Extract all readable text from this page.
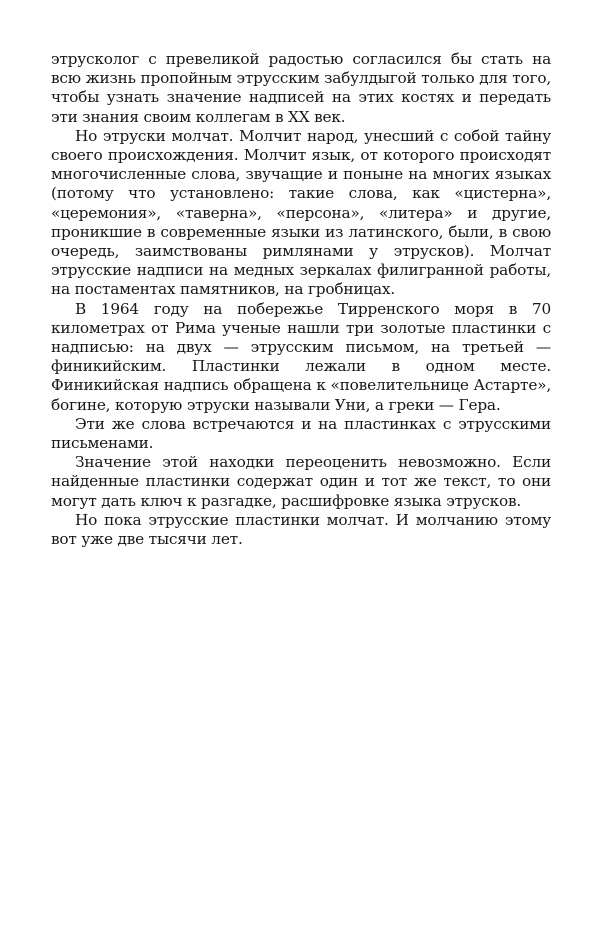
этрусколог с превеликой радостью согласился бы стать на всю жизнь пропойным этрусским забулдыгой только для того, чтобы узнать значение надписей на этих костях и передать эти знания своим коллегам в XX век.

Но этруски молчат. Молчит народ, унесший с собой тайну своего происхождения. Молчит язык, от которого происходят многочисленные слова, звучащие и поныне на многих языках (потому что установлено: такие слова, как «цистерна», «церемония», «таверна», «персона», «литера» и другие, проникшие в современные языки из латинского, были, в свою очередь, заимствованы римлянами у этрусков). Молчат этрусские надписи на медных зеркалах филигранной работы, на постаментах памятников, на гробницах.

В 1964 году на побережье Тирренского моря в 70 километрах от Рима ученые нашли три золотые пластинки с надписью: на двух — этрусским письмом, на третьей — финикийским. Пластинки лежали в одном месте. Финикийская надпись обращена к «повелительнице Астарте», богине, которую этруски называли Уни, а греки — Гера.

Эти же слова встречаются и на пластинках с этрусскими письменами.

Значение этой находки переоценить невозможно. Если найденные пластинки содержат один и тот же текст, то они могут дать ключ к разгадке, расшифровке языка этрусков.

Но пока этрусские пластинки молчат. И молчанию этому вот уже две тысячи лет.
